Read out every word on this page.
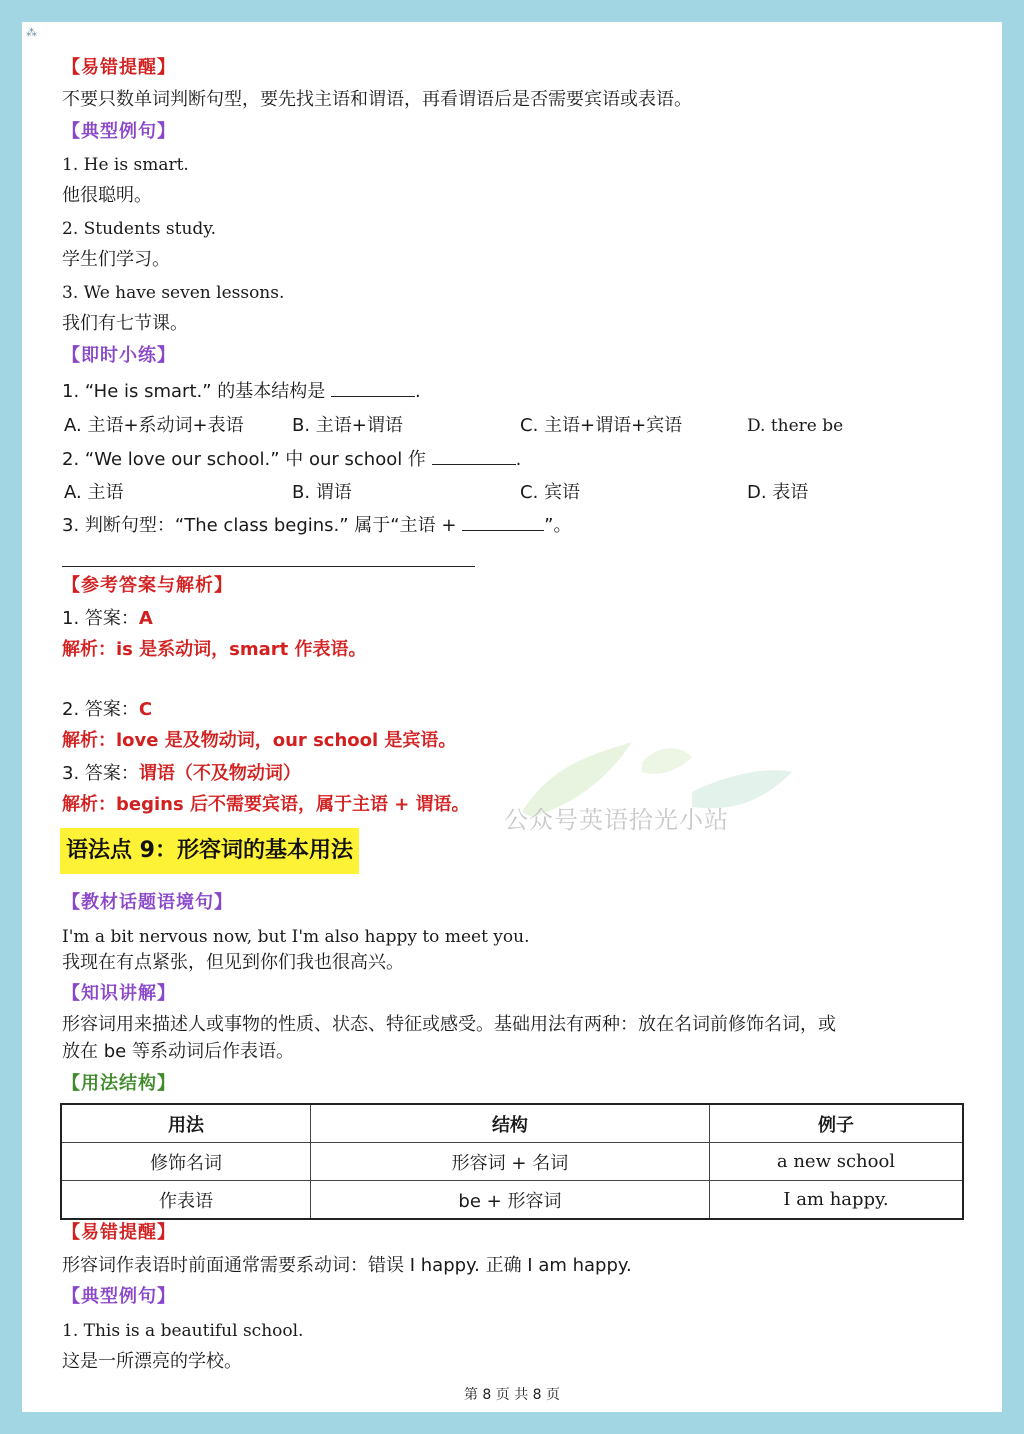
⁂
【易错提醒】
不要只数单词判断句型，要先找主语和谓语，再看谓语后是否需要宾语或表语。
【典型例句】
1. He is smart.
他很聪明。
2. Students study.
学生们学习。
3. We have seven lessons.
我们有七节课。
【即时小练】
1. “He is smart.” 的基本结构是	.
A. 主语+系动词+表语	B. 主语+谓语	C. 主语+谓语+宾语	D. there be
2. “We love our school.” 中 our school 作	.
A. 主语	B. 谓语	C. 宾语	D. 表语
3. 判断句型：“The class begins.” 属于“主语 +	”。
【参考答案与解析】
1. 答案：A
解析：is 是系动词，smart 作表语。
2. 答案：C
解析：love 是及物动词，our school 是宾语。
3. 答案：谓语（不及物动词）
解析：begins 后不需要宾语，属于主语 + 谓语。
公众号英语拾光小站
语法点 9：形容词的基本用法
【教材话题语境句】
I'm a bit nervous now, but I'm also happy to meet you.
我现在有点紧张，但见到你们我也很高兴。
【知识讲解】
形容词用来描述人或事物的性质、状态、特征或感受。基础用法有两种：放在名词前修饰名词，或
放在 be 等系动词后作表语。
【用法结构】
用法	结构	例子
修饰名词	形容词 + 名词	a new school
作表语	be + 形容词	I am happy.
【易错提醒】
形容词作表语时前面通常需要系动词：错误 I happy. 正确 I am happy.
【典型例句】
1. This is a beautiful school.
这是一所漂亮的学校。
第 8 页 共 8 页
